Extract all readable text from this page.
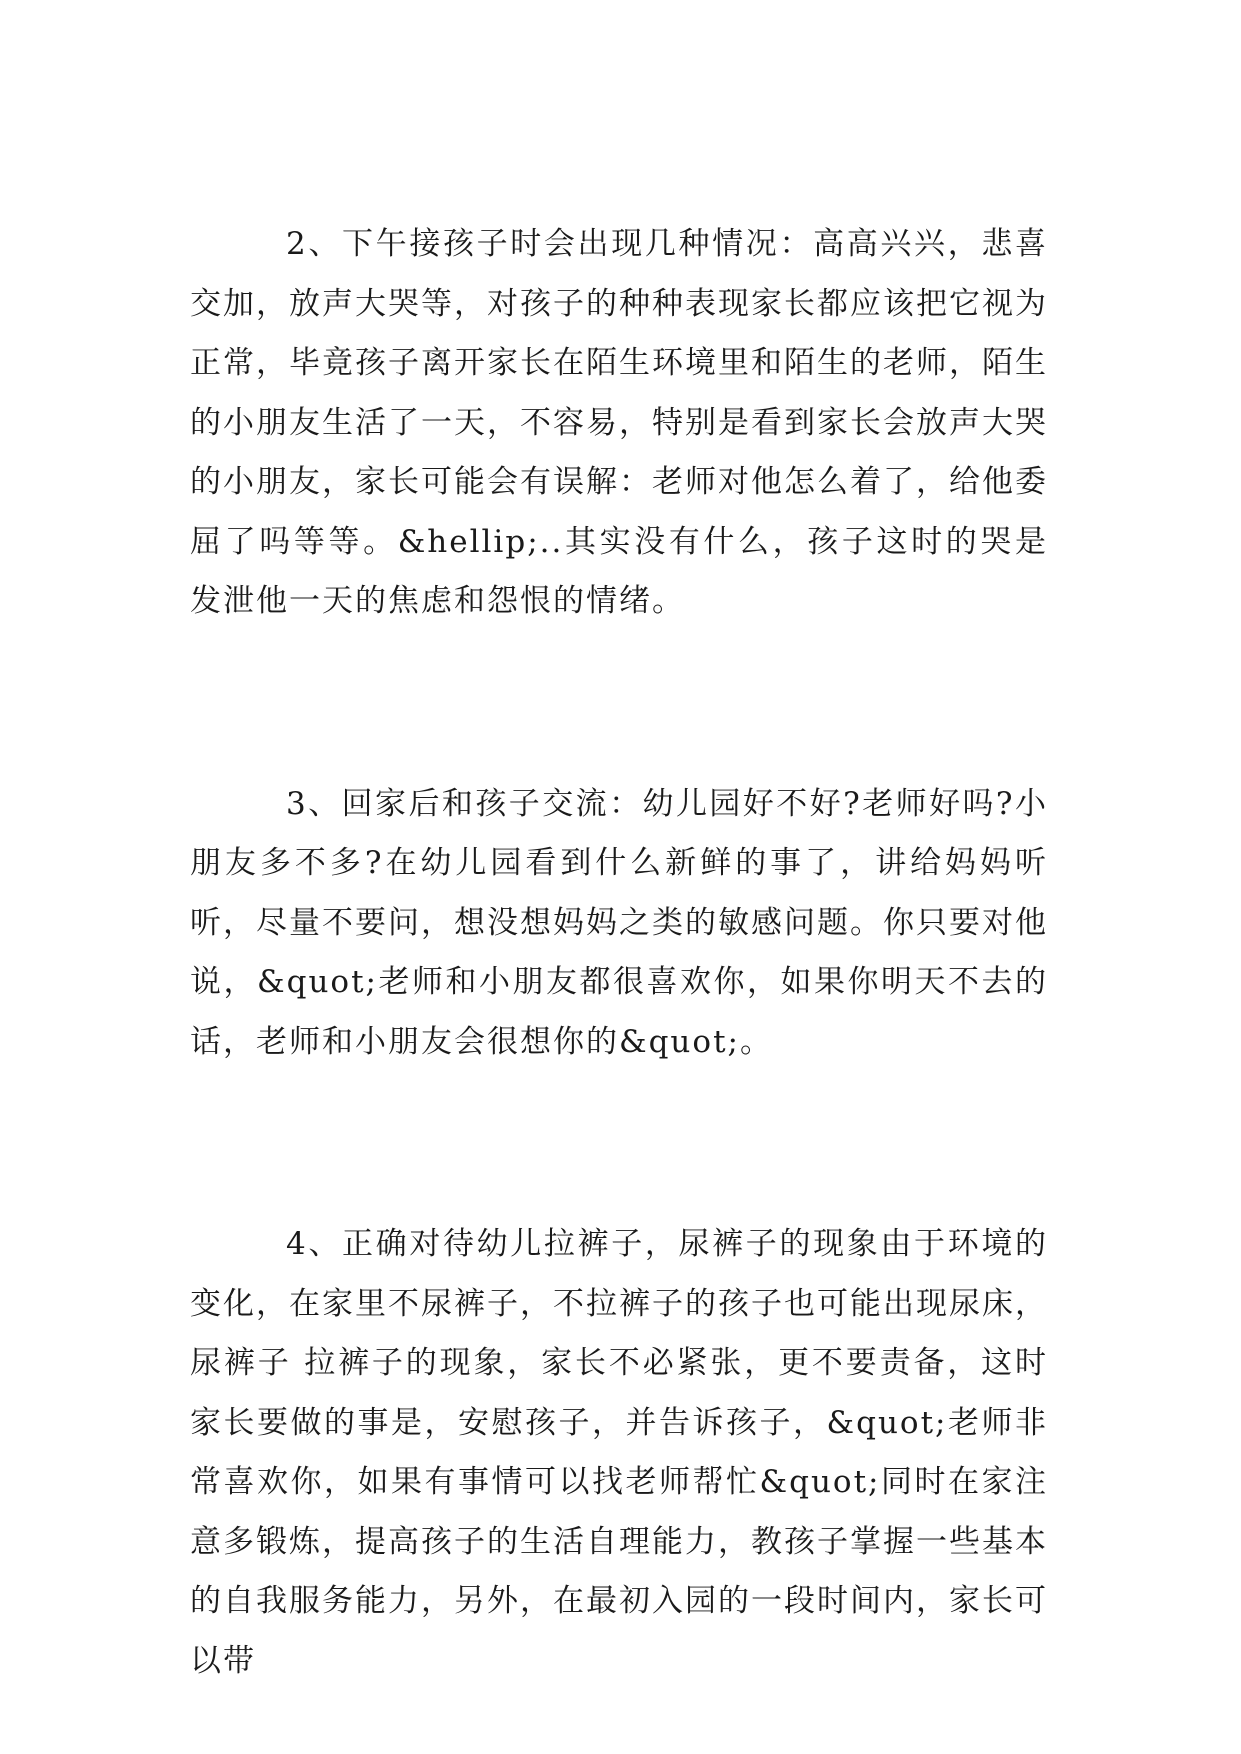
2、下午接孩子时会出现几种情况：高高兴兴，悲喜交加，放声大哭等，对孩子的种种表现家长都应该把它视为正常，毕竟孩子离开家长在陌生环境里和陌生的老师，陌生的小朋友生活了一天，不容易，特别是看到家长会放声大哭的小朋友，家长可能会有误解：老师对他怎么着了，给他委屈了吗等等。&hellip;..其实没有什么，孩子这时的哭是发泄他一天的焦虑和怨恨的情绪。

3、回家后和孩子交流：幼儿园好不好?老师好吗?小朋友多不多?在幼儿园看到什么新鲜的事了，讲给妈妈听听，尽量不要问，想没想妈妈之类的敏感问题。你只要对他说，&quot;老师和小朋友都很喜欢你，如果你明天不去的话，老师和小朋友会很想你的&quot;。

4、正确对待幼儿拉裤子，尿裤子的现象由于环境的变化，在家里不尿裤子，不拉裤子的孩子也可能出现尿床，尿裤子 拉裤子的现象，家长不必紧张，更不要责备，这时家长要做的事是，安慰孩子，并告诉孩子，&quot;老师非常喜欢你，如果有事情可以找老师帮忙&quot;同时在家注意多锻炼，提高孩子的生活自理能力，教孩子掌握一些基本的自我服务能力，另外，在最初入园的一段时间内，家长可以带
